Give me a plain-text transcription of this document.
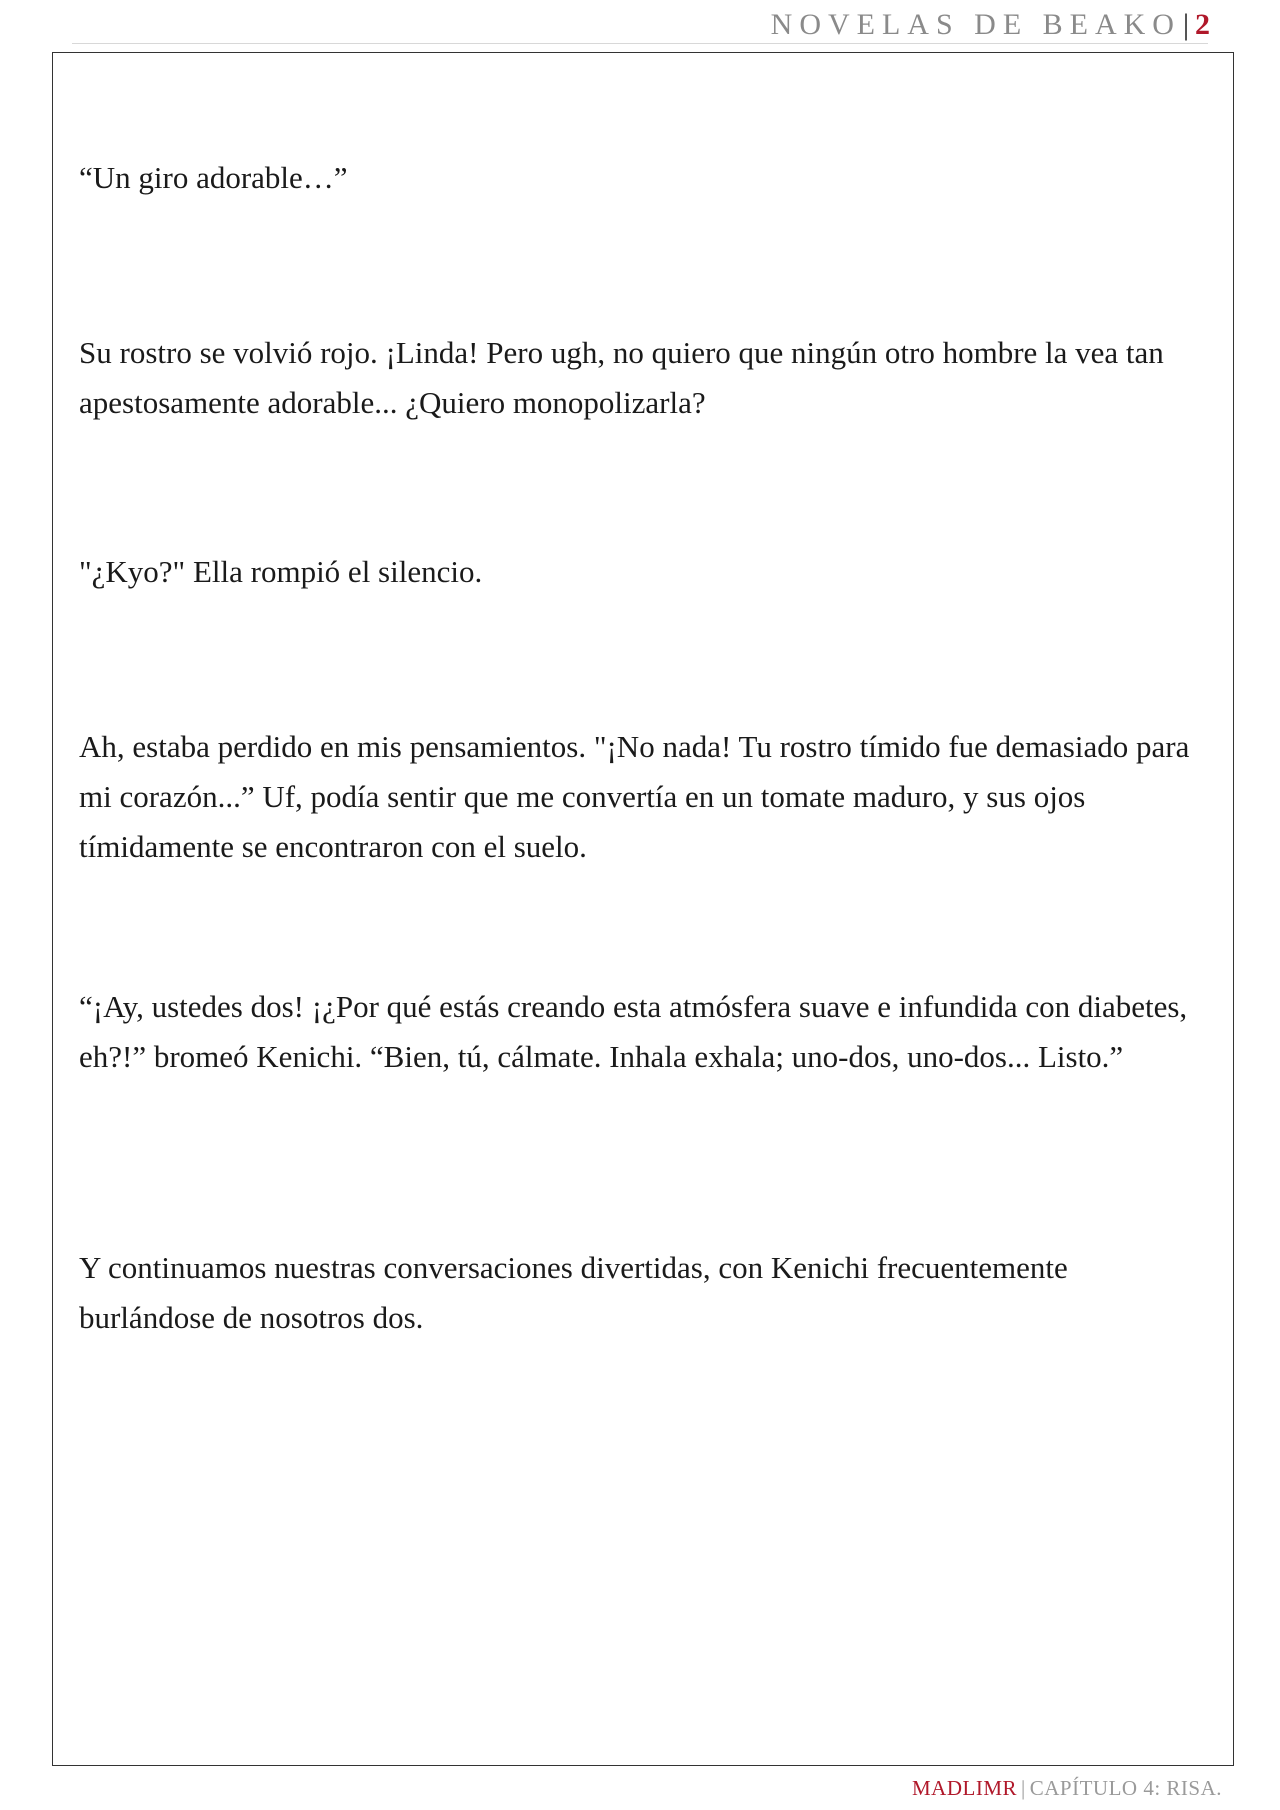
NOVELAS DE BEAKO | 2

“Un giro adorable…”

Su rostro se volvió rojo. ¡Linda! Pero ugh, no quiero que ningún otro hombre la vea tan apestosamente adorable... ¿Quiero monopolizarla?

"¿Kyo?" Ella rompió el silencio.

Ah, estaba perdido en mis pensamientos. "¡No nada! Tu rostro tímido fue demasiado para mi corazón...” Uf, podía sentir que me convertía en un tomate maduro, y sus ojos tímidamente se encontraron con el suelo.

“¡Ay, ustedes dos! ¡¿Por qué estás creando esta atmósfera suave e infundida con diabetes, eh?!” bromeó Kenichi. “Bien, tú, cálmate. Inhala exhala; uno-dos, uno-dos... Listo.”

Y continuamos nuestras conversaciones divertidas, con Kenichi frecuentemente burlándose de nosotros dos.

MADLIMR | CAPÍTULO 4: RISA.
